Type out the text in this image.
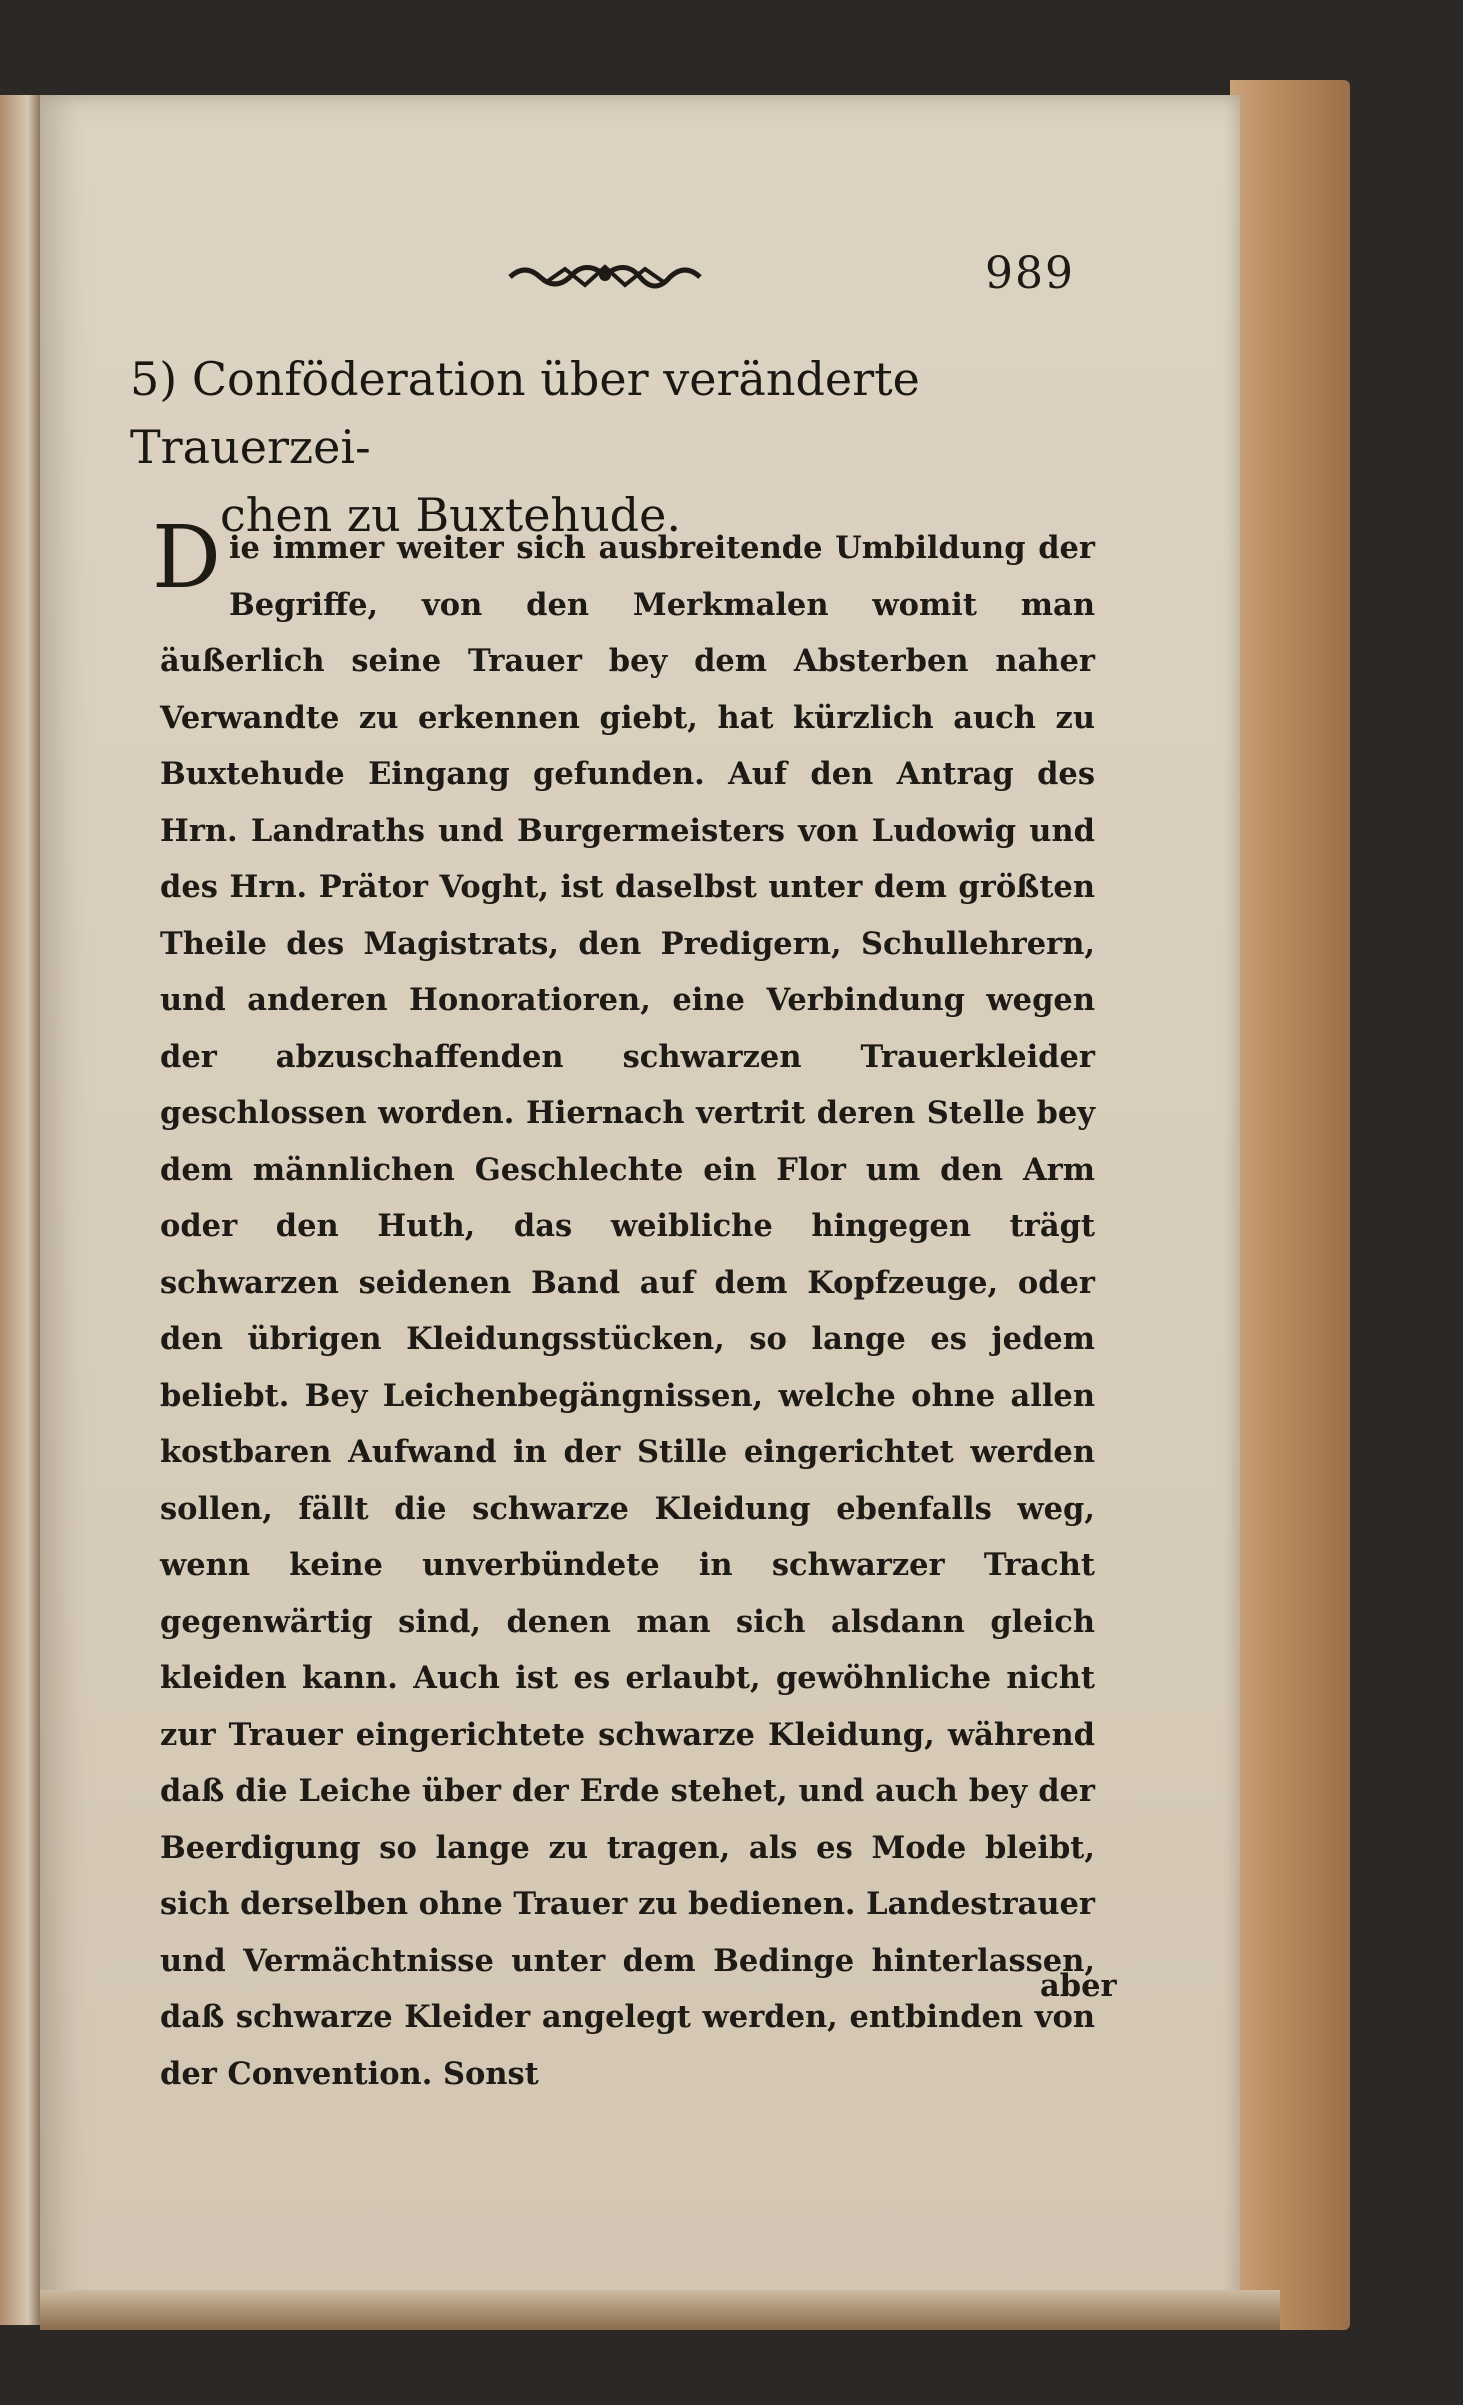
989
5) Conföderation über veränderte Trauerzei-
chen zu Buxtehude.
D ie immer weiter sich ausbreitende Umbildung der Begriffe, von den Merkmalen womit man äußerlich seine Trauer bey dem Absterben naher Verwandte zu erkennen giebt, hat kürzlich auch zu Buxtehude Eingang gefunden. Auf den Antrag des Hrn. Landraths und Burgermeisters von Ludowig und des Hrn. Prätor Voght, ist daselbst unter dem größten Theile des Magistrats, den Predigern, Schullehrern, und anderen Honoratioren, eine Verbindung wegen der abzuschaffenden schwarzen Trauerkleider geschlossen worden. Hiernach vertrit deren Stelle bey dem männlichen Geschlechte ein Flor um den Arm oder den Huth, das weibliche hingegen trägt schwarzen seidenen Band auf dem Kopfzeuge, oder den übrigen Kleidungsstücken, so lange es jedem beliebt. Bey Leichenbegängnissen, welche ohne allen kostbaren Aufwand in der Stille eingerichtet werden sollen, fällt die schwarze Kleidung ebenfalls weg, wenn keine unverbündete in schwarzer Tracht gegenwärtig sind, denen man sich alsdann gleich kleiden kann. Auch ist es erlaubt, gewöhnliche nicht zur Trauer eingerichtete schwarze Kleidung, während daß die Leiche über der Erde stehet, und auch bey der Beerdigung so lange zu tragen, als es Mode bleibt, sich derselben ohne Trauer zu bedienen. Landestrauer und Vermächtnisse unter dem Bedinge hinterlassen, daß schwarze Kleider angelegt werden, entbinden von der Convention. Sonst
aber
